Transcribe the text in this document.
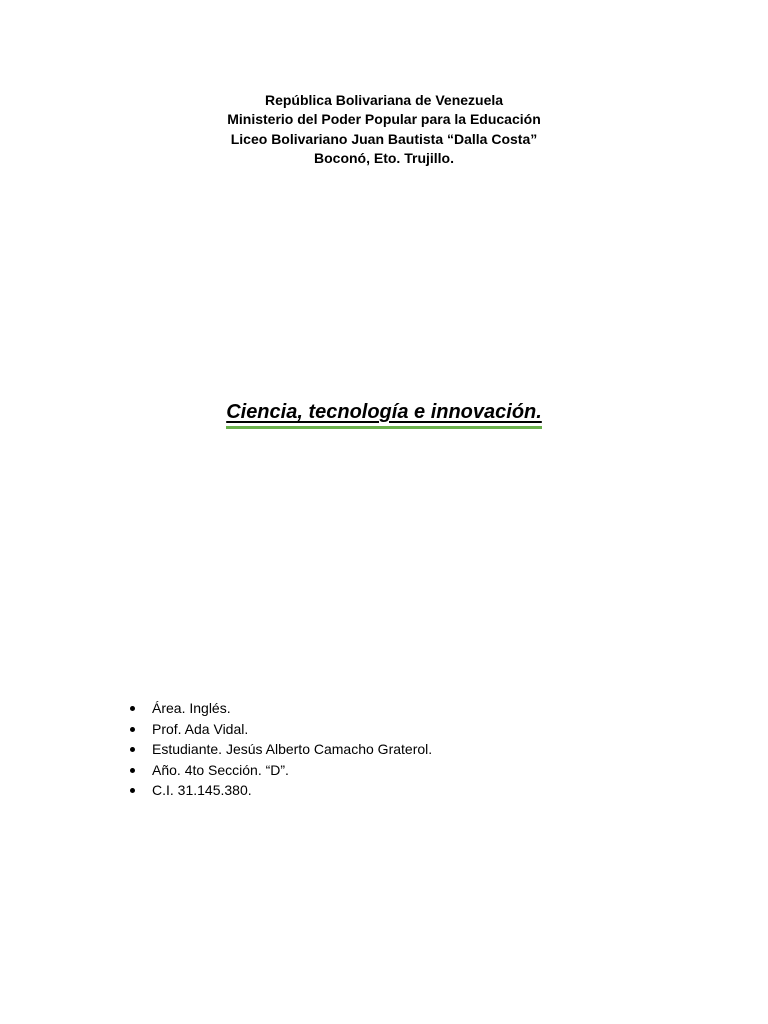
República Bolivariana de Venezuela
Ministerio del Poder Popular para la Educación
Liceo Bolivariano Juan Bautista “Dalla Costa”
Boconó, Eto. Trujillo.
Ciencia, tecnología e innovación.
Área. Inglés.
Prof. Ada Vidal.
Estudiante. Jesús Alberto Camacho Graterol.
Año. 4to Sección. “D”.
C.I. 31.145.380.
